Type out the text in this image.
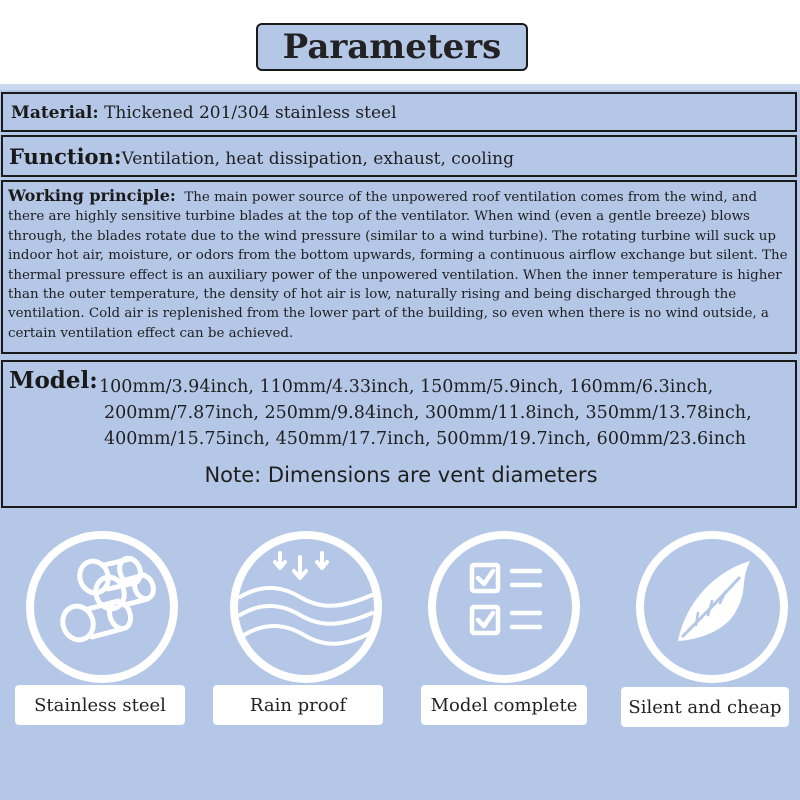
Parameters
Material: Thickened 201/304 stainless steel
Function:Ventilation, heat dissipation, exhaust, cooling
Working principle:  The main power source of the unpowered roof ventilation comes from the wind, and there are highly sensitive turbine blades at the top of the ventilator. When wind (even a gentle breeze) blows through, the blades rotate due to the wind pressure (similar to a wind turbine). The rotating turbine will suck up indoor hot air, moisture, or odors from the bottom upwards, forming a continuous airflow exchange but silent. The thermal pressure effect is an auxiliary power of the unpowered ventilation. When the inner temperature is higher than the outer temperature, the density of hot air is low, naturally rising and being discharged through the ventilation. Cold air is replenished from the lower part of the building, so even when there is no wind outside, a certain ventilation effect can be achieved.
Model: 100mm/3.94inch, 110mm/4.33inch, 150mm/5.9inch, 160mm/6.3inch,
200mm/7.87inch, 250mm/9.84inch, 300mm/11.8inch, 350mm/13.78inch,
400mm/15.75inch, 450mm/17.7inch, 500mm/19.7inch, 600mm/23.6inch
Note: Dimensions are vent diameters
Stainless steel	Rain proof	Model complete	Silent and cheap
